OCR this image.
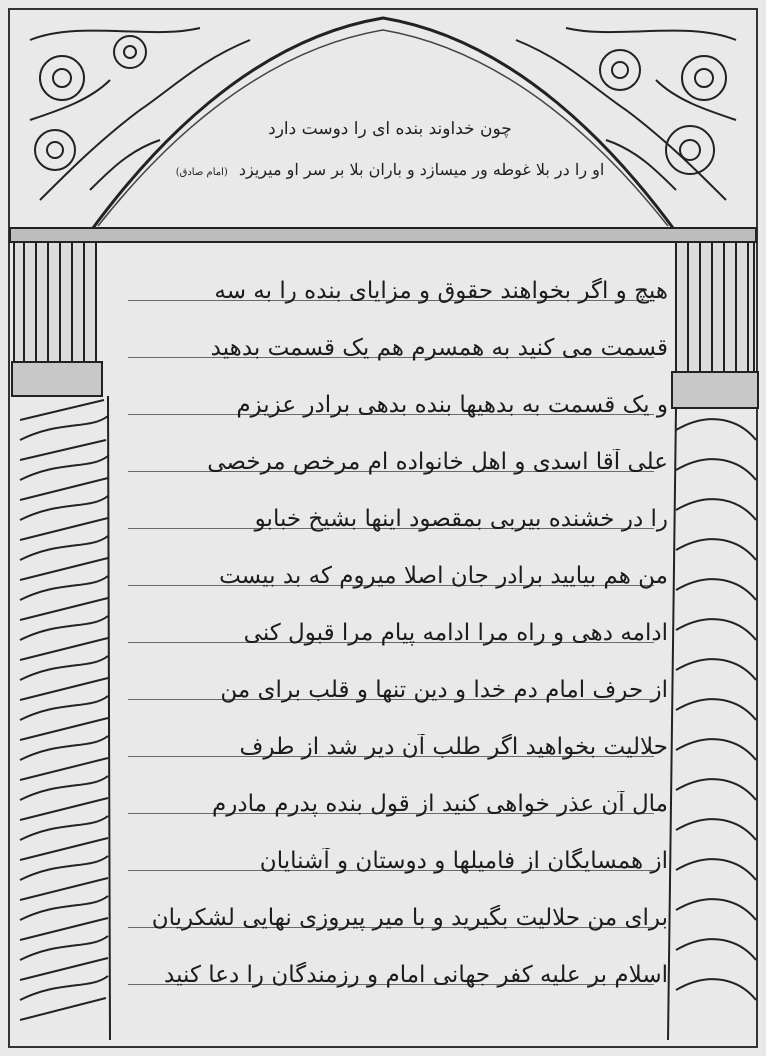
چون خداوند بنده ای را دوست دارد
او را در بلا غوطه ور میسازد و باران بلا بر سر او میریزد (امام صادق)
هیچ و اگر بخواهند حقوق و مزایای بنده را به سه
قسمت می کنید به همسرم هم یک قسمت بدهید
و یک قسمت به بدهیها بنده بدهی برادر عزیزم
علی آقا اسدی و اهل خانواده ام مرخص مرخصی
را در خشنده بیربی بمقصود اینها بشیخ خبابو
من هم بیایید برادر جان اصلا میروم که بد بیست
ادامه دهی و راه مرا ادامه پیام مرا قبول کنی
از حرف امام دم خدا و دین تنها و قلب برای من
حلالیت بخواهید اگر طلب آن دیر شد از طرف
مال آن عذر خواهی کنید از قول بنده پدرم مادرم
از همسایگان از فامیلها و دوستان و آشنایان
برای من حلالیت بگیرید و با میر پیروزی نهایی لشکریان
اسلام بر علیه کفر جهانی امام و رزمندگان را دعا کنید
